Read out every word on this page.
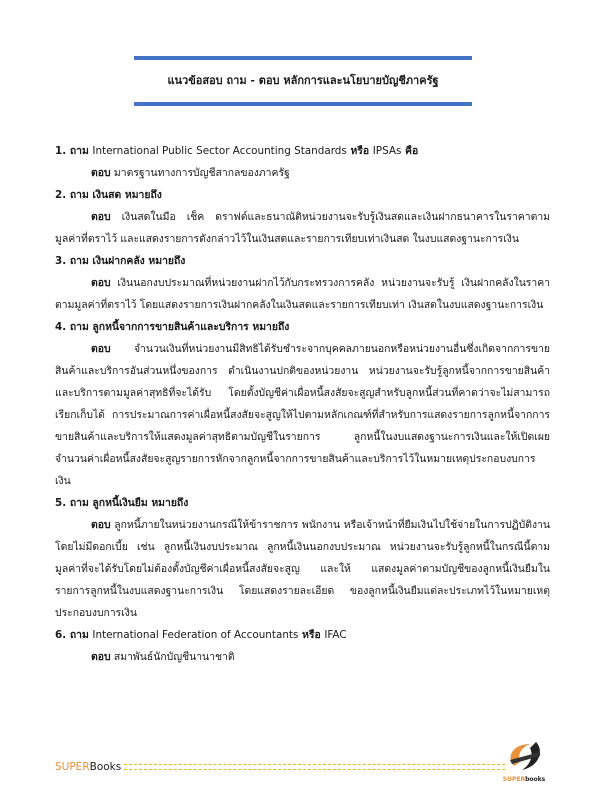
แนวข้อสอบ ถาม - ตอบ หลักการและนโยบายบัญชีภาครัฐ
1. ถาม International Public Sector Accounting Standards หรือ IPSAs คือ
ตอบ มาตรฐานทางการบัญชีสากลของภาครัฐ
2. ถาม เงินสด หมายถึง
ตอบ เงินสดในมือ เช็ค ดราฟต์และธนาณัติหน่วยงานจะรับรู้เงินสดและเงินฝากธนาคารในราคาตามมูลค่าที่ตราไว้ และแสดงรายการดังกล่าวไว้ในเงินสดและรายการเทียบเท่าเงินสด ในงบแสดงฐานะการเงิน
3. ถาม เงินฝากคลัง หมายถึง
ตอบ เงินนอกงบประมาณที่หน่วยงานฝากไว้กับกระทรวงการคลัง หน่วยงานจะรับรู้ เงินฝากคลังในราคาตามมูลค่าที่ตราไว้ โดยแสดงรายการเงินฝากคลังในเงินสดและรายการเทียบเท่า เงินสดในงบแสดงฐานะการเงิน
4. ถาม ลูกหนี้จากการขายสินค้าและบริการ หมายถึง
ตอบ จำนวนเงินที่หน่วยงานมีสิทธิได้รับชำระจากบุคคลภายนอกหรือหน่วยงานอื่นซึ่งเกิดจากการขายสินค้าและบริการอันส่วนหนึ่งของการ ดำเนินงานปกติของหน่วยงาน หน่วยงานจะรับรู้ลูกหนี้จากการขายสินค้าและบริการตามมูลค่าสุทธิที่จะได้รับ โดยตั้งบัญชีค่าเผื่อหนี้สงสัยจะสูญสำหรับลูกหนี้ส่วนที่คาดว่าจะไม่สามารถเรียกเก็บได้ การประมาณการค่าเผื่อหนี้สงสัยจะสูญให้ไปตามหลักเกณฑ์ที่สำหรับการแสดงรายการลูกหนี้จากการขายสินค้าและบริการให้แสดงมูลค่าสุทธิตามบัญชีในรายการ ลูกหนี้ในงบแสดงฐานะการเงินและให้เปิดเผยจำนวนค่าเผื่อหนี้สงสัยจะสูญรายการหักจากลูกหนี้จากการขายสินค้าและบริการไว้ในหมายเหตุประกอบงบการเงิน
5. ถาม ลูกหนี้เงินยืม หมายถึง
ตอบ ลูกหนี้ภายในหน่วยงานกรณีให้ข้าราชการ พนักงาน หรือเจ้าหน้าที่ยืมเงินไปใช้จ่ายในการปฏิบัติงานโดยไม่มีดอกเบี้ย เช่น ลูกหนี้เงินงบประมาณ ลูกหนี้เงินนอกงบประมาณ หน่วยงานจะรับรู้ลูกหนี้ในกรณีนี้ตามมูลค่าที่จะได้รับโดยไม่ต้องตั้งบัญชีค่าเผื่อหนี้สงสัยจะสูญ และให้ แสดงมูลค่าตามบัญชีของลูกหนี้เงินยืมในรายการลูกหนี้ในงบแสดงฐานะการเงิน โดยแสดงรายละเอียด ของลูกหนี้เงินยืมแต่ละประเภทไว้ในหมายเหตุประกอบงบการเงิน
6. ถาม International Federation of Accountants หรือ IFAC
ตอบ สมาพันธ์นักบัญชีนานาชาติ
SUPER Books
SUPERbooks
